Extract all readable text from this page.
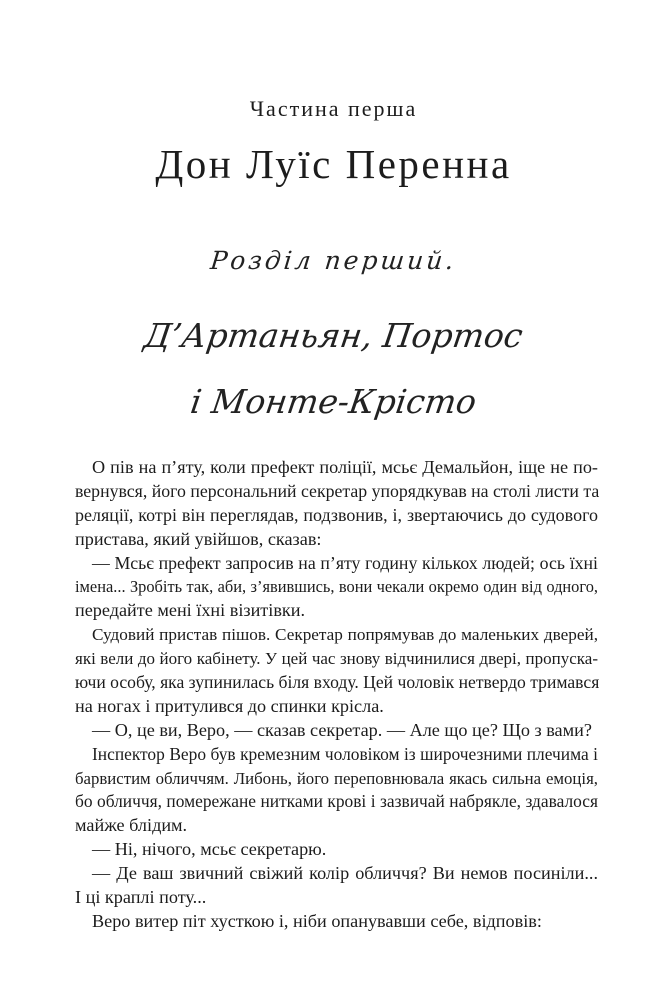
Частина перша
Дон Луїс Перенна
Розділ перший.
Д’Артаньян, Портос
і Монте-Крісто
О пів на п’яту, коли префект поліції, мсьє Демальйон, іще не по-
вернувся, його персональний секретар упорядкував на столі листи та
реляції, котрі він переглядав, подзвонив, і, звертаючись до судового
пристава, який увійшов, сказав:
— Мсьє префект запросив на п’яту годину кількох людей; ось їхні
імена... Зробіть так, аби, з’явившись, вони чекали окремо один від одного,
передайте мені їхні візитівки.
Судовий пристав пішов. Секретар попрямував до маленьких дверей,
які вели до його кабінету. У цей час знову відчинилися двері, пропуска-
ючи особу, яка зупинилась біля входу. Цей чоловік нетвердо тримався
на ногах і притулився до спинки крісла.
— О, це ви, Веро, — сказав секретар. — Але що це? Що з вами?
Інспектор Веро був кремезним чоловіком із широчезними плечима і
барвистим обличчям. Либонь, його переповнювала якась сильна емоція,
бо обличчя, помережане нитками крові і зазвичай набрякле, здавалося
майже блідим.
— Ні, нічого, мсьє секретарю.
— Де ваш звичний свіжий колір обличчя? Ви немов посиніли...
І ці краплі поту...
Веро витер піт хусткою і, ніби опанувавши себе, відповів:
